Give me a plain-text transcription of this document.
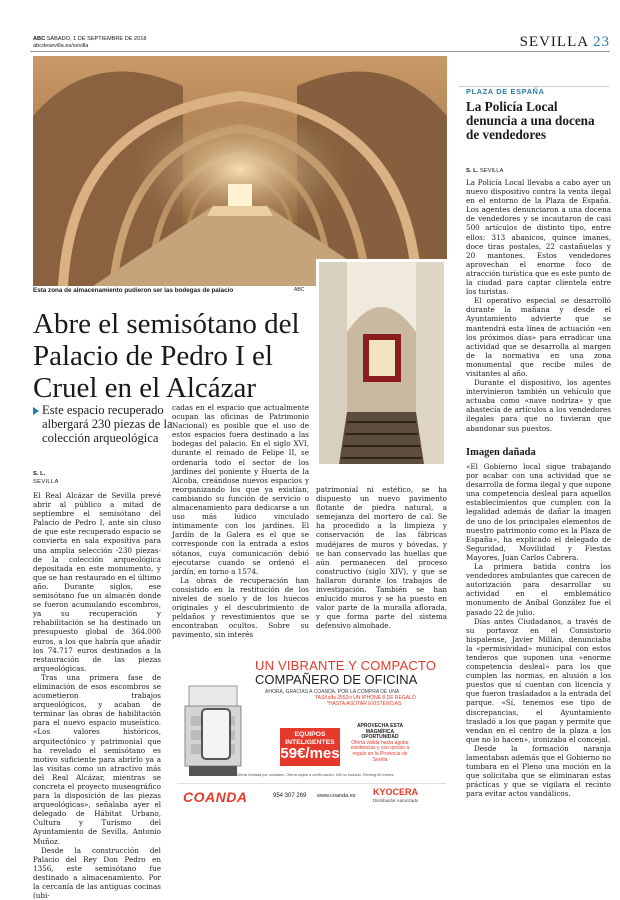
ABC SÁBADO, 1 DE SEPTIEMBRE DE 2018
abcdesevilla.es/sevilla	SEVILLA 23
Esta zona de almacenamiento pudieron ser las bodegas de palacio	ABC
Abre el semisótano del Palacio de Pedro I el Cruel en el Alcázar
Este espacio recuperado albergará 230 piezas de la colección arqueológica
S. L.
SEVILLA

El Real Alcázar de Sevilla prevé abrir al público a mitad de septiembre el semisótano del Palacio de Pedro I, ante sin cluso de que este recuperado espacio se convierta en sala expositiva para una amplia selección -230 piezas- de la colección arqueológica depositada en este monumento, y que se han restaurado en el último año. Durante siglos, ese semisótano fue un almacén donde se fueron acumulando escombros, ya su recuperación y rehabilitación se ha destinado un presupuesto global de 364.000 euros, a los que habría que añadir los 74.717 euros destinados a la restauración de las piezas arqueológicas.

Tras una primera fase de eliminación de esos escombros se acometieron trabajos arqueológicos, y acaban de terminar las obras de habilitación para el nuevo espacio museístico. «Los valores históricos, arquitectónico y patrimonial que ha revelado el semisótano es motivo suficiente para abrirlo ya a las visitas como un atractivo más del Real Alcázar, mientras se concreta el proyecto museográfico para la disposición de las piezas arqueológicas», señalaba ayer el delegado de Hábitat Urbano, Cultura y Turismo del Ayuntamiento de Sevilla, Antonio Muñoz.

Desde la construcción del Palacio del Rey Don Pedro en 1356, este semisótano fue destinado a almacenamiento. Por la cercanía de las antiguas cocinas (ubi-

cadas en el espacio que actualmente ocupan las oficinas de Patrimonio Nacional) es posible que el uso de estos espacios fuera destinado a las bodegas del palacio. En el siglo XVI, durante el reinado de Felipe II, se ordenaría todo el sector de los jardines del poniente y Huerta de la Alcoba, creándose nuevos espacios y reorganizando los que ya existían, cambiando su función de servicio o almacenamiento para dedicarse a un uso más lúdico vinculado íntimamente con los jardines. El Jardín de la Galera es el que se corresponde con la entrada a estos sótanos, cuya comunicación debió ejecutarse cuando se ordenó el jardín, en torno a 1574.

La obras de recuperación han consistido en la restitución de los niveles de suelo y de los huecos originales y el descubrimiento de peldaños y revestimientos que se encontraban ocultos. Sobre su pavimento, sin interés

patrimonial ni estético, se ha dispuesto un nuevo pavimento flotante de piedra natural, a semejanza del mortero de cal. Se ha procedido a la limpieza y conservación de las fábricas mudéjares de muros y bóvedas, y se han conservado las huellas que aún permanecen del proceso constructivo (siglo XIV), y que se hallaron durante los trabajos de investigación. También se han enlucido muros y se ha puesto en valor parte de la muralla aflorada, y que forma parte del sistema defensivo almohade.

PLAZA DE ESPAÑA
La Policía Local denuncia a una docena de vendedores
S. L. SEVILLA

La Policía Local llevaba a cabo ayer un nuevo dispositivo contra la venta ilegal en el entorno de la Plaza de España. Los agentes denunciaron a una docena de vendedores y se incautaron de casi 500 artículos de distinto tipo, entre ellos: 313 abanicos, quince imanes, doce tiras postales, 22 castañuelas y 20 mantones. Estos vendedores aprovechan el enorme foco de atracción turística que es este punto de la ciudad para captar clientela entre los turistas.

El operativo especial se desarrolló durante la mañana y desde el Ayuntamiento advierte que se mantendrá esta línea de actuación «en los próximos días» para erradicar una actividad que se desarrolla al margen de la normativa en una zona monumental que recibe miles de visitantes al año.

Durante el dispositivo, los agentes intervinieron también un vehículo que actuaba como «nave nodriza» y que abastecía de artículos a los vendedores ilegales para que no tuvieran que abandonar sus puestos.

Imagen dañada

«El Gobierno local sigue trabajando por acabar con una actividad que se desarrolla de forma ilegal y que supone una competencia desleal para aquellos establecimientos que cumplen con la legalidad además de dañar la imagen de uno de los principales elementos de nuestro patrimonio como es la Plaza de España», ha explicado el delegado de Seguridad, Movilidad y Fiestas Mayores, Juan Carlos Cabrera.

La primera batida contra los vendedores ambulantes que carecen de autorización para desarrollar su actividad en el emblemático monumento de Aníbal González fue el pasado 22 de julio.

Días antes Ciudadanos, a través de su portavoz en el Consistorio hispalense, Javier Millán, denunciaba la «permisividad» municipal con estos tenderos que suponen una «enorme competencia desleal» para los que cumplen las normas, en alusión a los puestos que sí cuentan con licencia y que fueron trasladados a la entrada del parque. «Sí, tenemos ese tipo de discrepancias, el Ayuntamiento trasladó a los que pagan y permite que vendan en el centro de la plaza a los que no lo hacen», ironizaba el concejal.

Desde la formación naranja lamentaban además que el Gobierno no tumbara en el Pleno una moción en la que solicitaba que se eliminaran estas prácticas y que se vigilara el recinto para evitar actos vandálicos.

UN VIBRANTE Y COMPACTO
COMPAÑERO DE OFICINA
AHORA, GRACIAS A COANDA, POR LA COMPRA DE UNA
TASKalfa 2552ci UN IPHONE 8 DE REGALO
*HASTA AGOTAR EXISTENCIAS
EQUIPOS
INTELIGENTES
59€/mes
APROVECHA ESTA MAGNÍFICA OPORTUNIDAD
Oferta válida hasta agotar existencias y con opción a regalo en la Provincia de Sevilla
*Oferta limitada por unidades. Oferta sujeta a confirmación. IVA no incluido. Renting 60 meses.
COANDA	954 307 269 www.coanda.es KYOCERA
Distribuidor Autorizado
